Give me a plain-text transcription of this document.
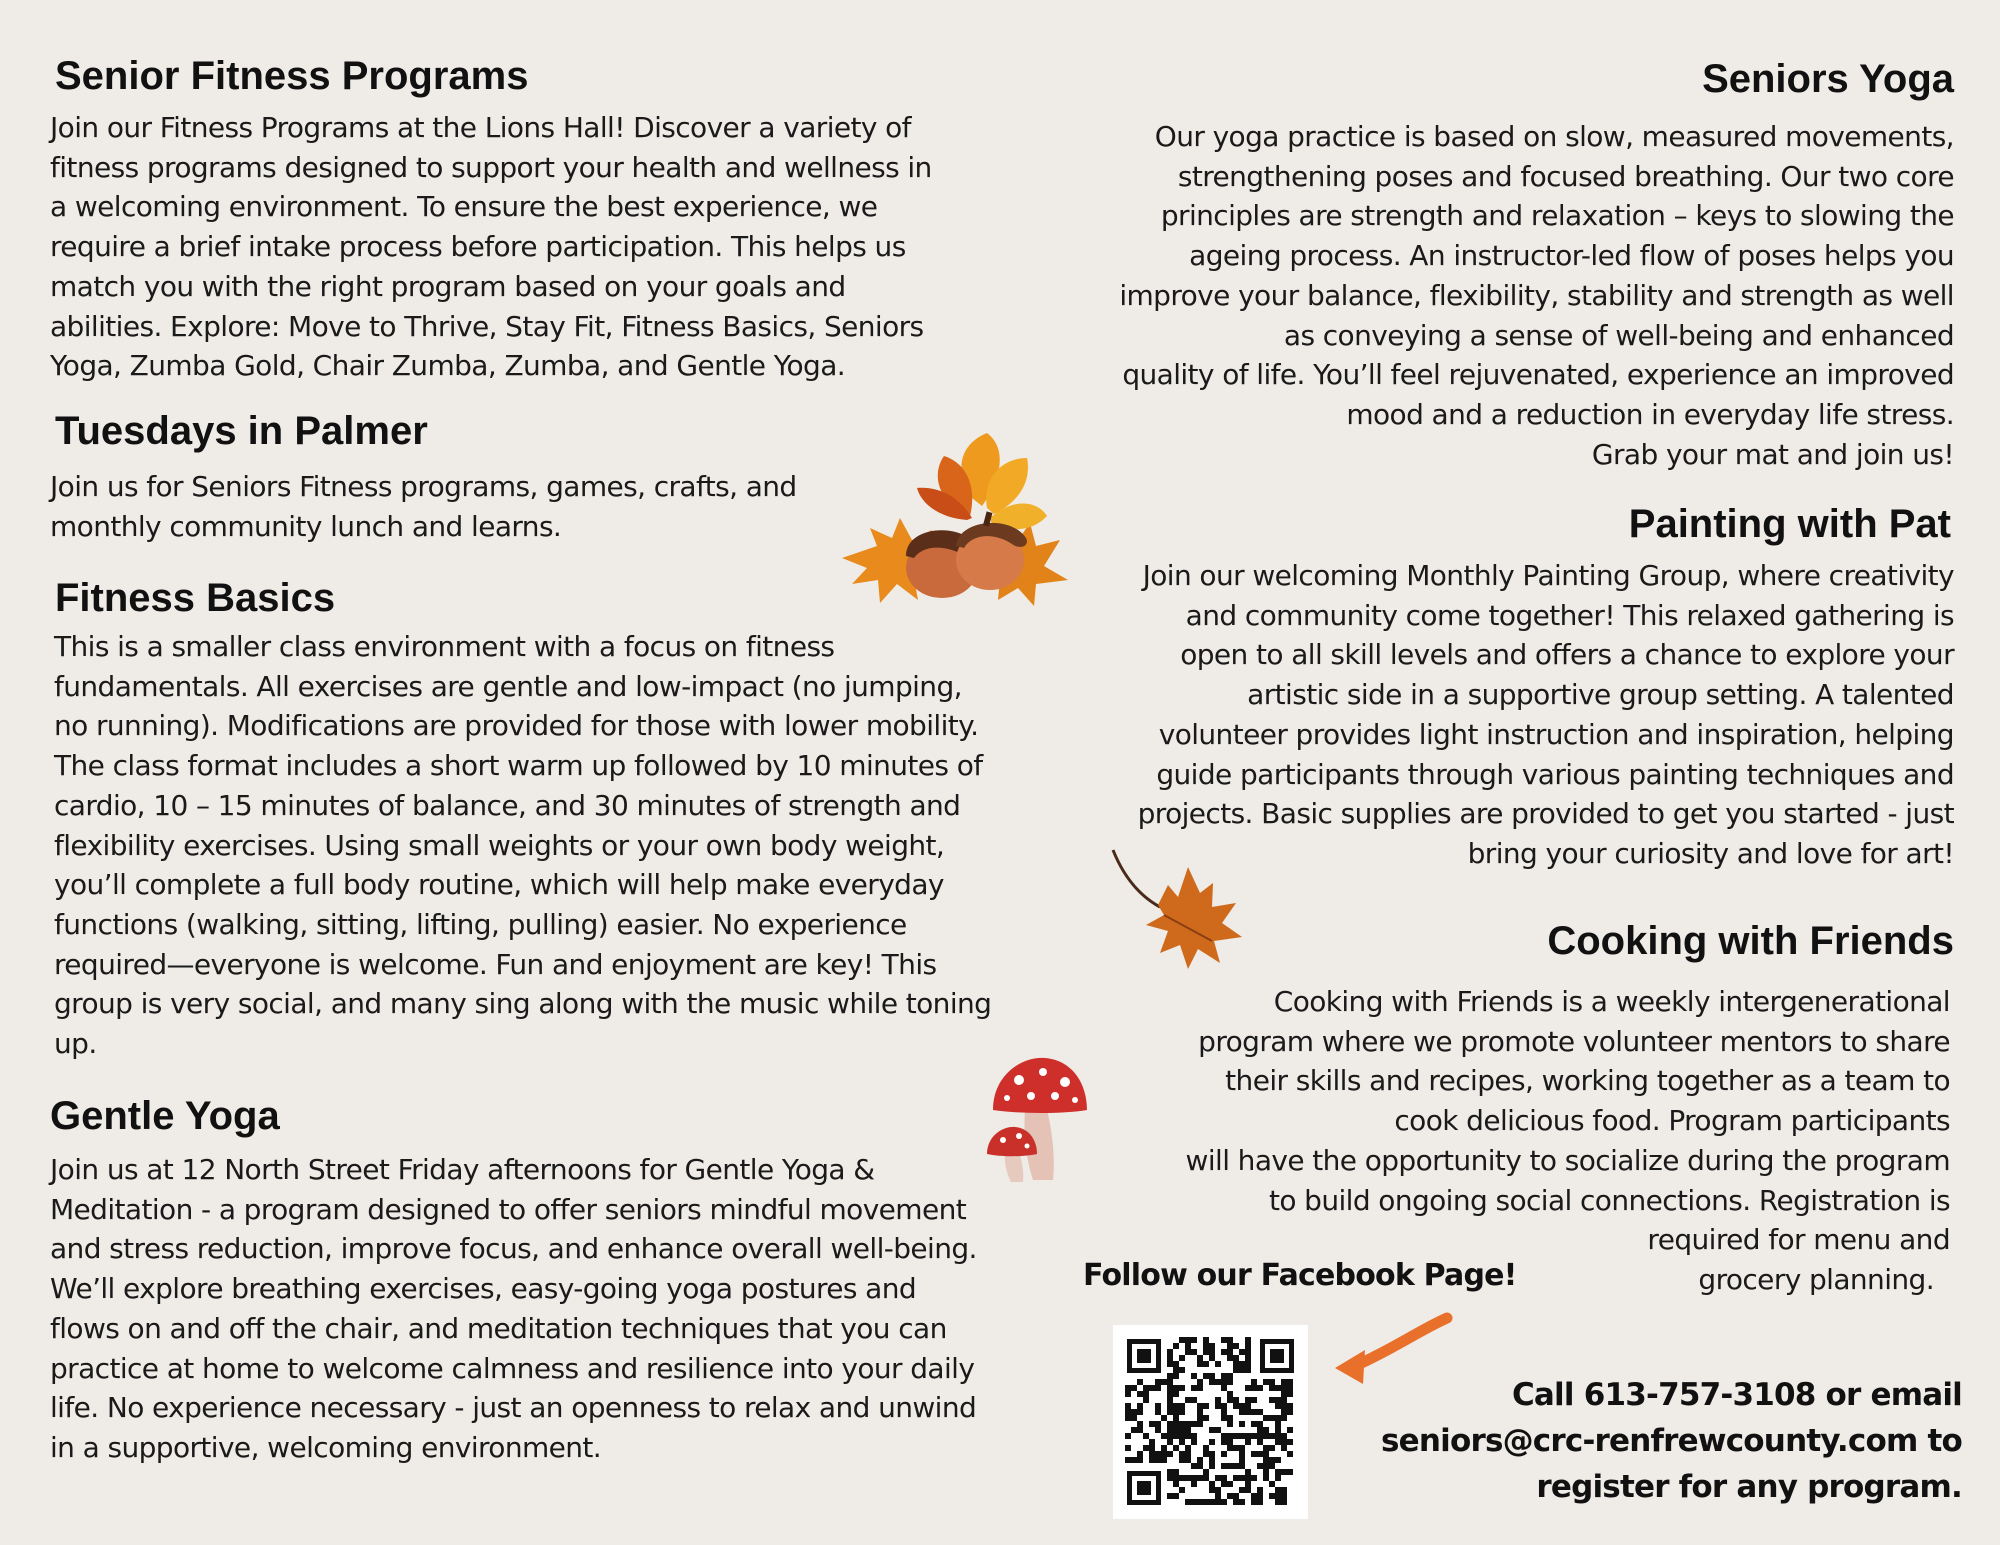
Senior Fitness Programs
Join our Fitness Programs at the Lions Hall! Discover a variety of
fitness programs designed to support your health and wellness in
a welcoming environment. To ensure the best experience, we
require a brief intake process before participation. This helps us
match you with the right program based on your goals and
abilities. Explore: Move to Thrive, Stay Fit, Fitness Basics, Seniors
Yoga, Zumba Gold, Chair Zumba, Zumba, and Gentle Yoga.
Tuesdays in Palmer
Join us for Seniors Fitness programs, games, crafts, and
monthly community lunch and learns.
Fitness Basics
This is a smaller class environment with a focus on fitness
fundamentals. All exercises are gentle and low-impact (no jumping,
no running). Modifications are provided for those with lower mobility.
The class format includes a short warm up followed by 10 minutes of
cardio, 10 – 15 minutes of balance, and 30 minutes of strength and
flexibility exercises. Using small weights or your own body weight,
you’ll complete a full body routine, which will help make everyday
functions (walking, sitting, lifting, pulling) easier. No experience
required—everyone is welcome. Fun and enjoyment are key! This
group is very social, and many sing along with the music while toning
up.
Gentle Yoga
Join us at 12 North Street Friday afternoons for Gentle Yoga &
Meditation - a program designed to offer seniors mindful movement
and stress reduction, improve focus, and enhance overall well-being.
We’ll explore breathing exercises, easy-going yoga postures and
flows on and off the chair, and meditation techniques that you can
practice at home to welcome calmness and resilience into your daily
life. No experience necessary - just an openness to relax and unwind
in a supportive, welcoming environment.
Seniors Yoga
Our yoga practice is based on slow, measured movements,
strengthening poses and focused breathing. Our two core
principles are strength and relaxation – keys to slowing the
ageing process. An instructor-led flow of poses helps you
improve your balance, flexibility, stability and strength as well
as conveying a sense of well-being and enhanced
quality of life. You’ll feel rejuvenated, experience an improved
mood and a reduction in everyday life stress.
Grab your mat and join us!
Painting with Pat
Join our welcoming Monthly Painting Group, where creativity
and community come together! This relaxed gathering is
open to all skill levels and offers a chance to explore your
artistic side in a supportive group setting. A talented
volunteer provides light instruction and inspiration, helping
guide participants through various painting techniques and
projects. Basic supplies are provided to get you started - just
bring your curiosity and love for art!
Cooking with Friends
Cooking with Friends is a weekly intergenerational
program where we promote volunteer mentors to share
their skills and recipes, working together as a team to
cook delicious food. Program participants
will have the opportunity to socialize during the program
to build ongoing social connections. Registration is
required for menu and
grocery planning.
Follow our Facebook Page!
Call 613-757-3108 or email
seniors@crc-renfrewcounty.com to
register for any program.
